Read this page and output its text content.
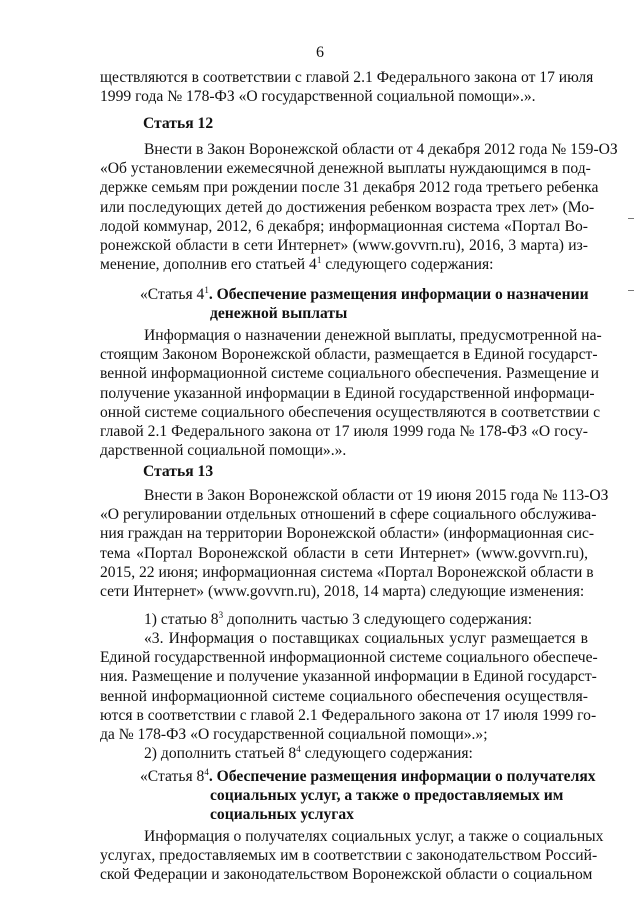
6
ществляются в соответствии с главой 2.1 Федерального закона от 17 июля
1999 года № 178-ФЗ «О государственной социальной помощи».».
Статья 12
Внести в Закон Воронежской области от 4 декабря 2012 года № 159-ОЗ
«Об установлении ежемесячной денежной выплаты нуждающимся в под-
держке семьям при рождении после 31 декабря 2012 года третьего ребенка
или последующих детей до достижения ребенком возраста трех лет» (Мо-
лодой коммунар, 2012, 6 декабря; информационная система «Портал Во-
ронежской области в сети Интернет» (www.govvrn.ru), 2016, 3 марта) из-
менение, дополнив его статьей $4^1$ следующего содержания:
«Статья $4^1$. Обеспечение размещения информации о назначении
денежной выплаты
Информация о назначении денежной выплаты, предусмотренной на-
стоящим Законом Воронежской области, размещается в Единой государст-
венной информационной системе социального обеспечения. Размещение и
получение указанной информации в Единой государственной информаци-
онной системе социального обеспечения осуществляются в соответствии с
главой 2.1 Федерального закона от 17 июля 1999 года № 178-ФЗ «О госу-
дарственной социальной помощи».».
Статья 13
Внести в Закон Воронежской области от 19 июня 2015 года № 113-ОЗ
«О регулировании отдельных отношений в сфере социального обслужива-
ния граждан на территории Воронежской области» (информационная сис-
тема «Портал Воронежской области в сети Интернет» (www.govvrn.ru),
2015, 22 июня; информационная система «Портал Воронежской области в
сети Интернет» (www.govvrn.ru), 2018, 14 марта) следующие изменения:
1) статью $8^3$ дополнить частью 3 следующего содержания:
«3. Информация о поставщиках социальных услуг размещается в
Единой государственной информационной системе социального обеспече-
ния. Размещение и получение указанной информации в Единой государст-
венной информационной системе социального обеспечения осуществля-
ются в соответствии с главой 2.1 Федерального закона от 17 июля 1999 го-
да № 178-ФЗ «О государственной социальной помощи».»;
2) дополнить статьей $8^4$ следующего содержания:
«Статья $8^4$. Обеспечение размещения информации о получателях
социальных услуг, а также о предоставляемых им
социальных услугах
Информация о получателях социальных услуг, а также о социальных
услугах, предоставляемых им в соответствии с законодательством Россий-
ской Федерации и законодательством Воронежской области о социальном
